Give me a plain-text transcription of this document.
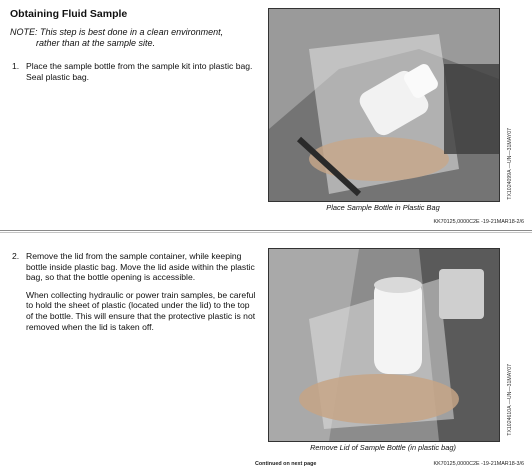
Obtaining Fluid Sample
NOTE: This step is best done in a clean environment,
rather than at the sample site.
1. Place the sample bottle from the sample kit into plastic bag. Seal plastic bag.

TX1024099A —UN—31MAY07
Place Sample Bottle in Plastic Bag
KK70125,0000C2E -19-21MAR18-2/6
2. Remove the lid from the sample container, while keeping bottle inside plastic bag. Move the lid aside within the plastic bag, so that the bottle opening is accessible.

When collecting hydraulic or power train samples, be careful to hold the sheet of plastic (located under the lid) to the top of the bottle. This will ensure that the protective plastic is not removed when the lid is taken off.

TX1024610A —UN—31MAY07
Remove Lid of Sample Bottle (in plastic bag)
Continued on next page	KK70125,0000C2E -19-21MAR18-3/6
